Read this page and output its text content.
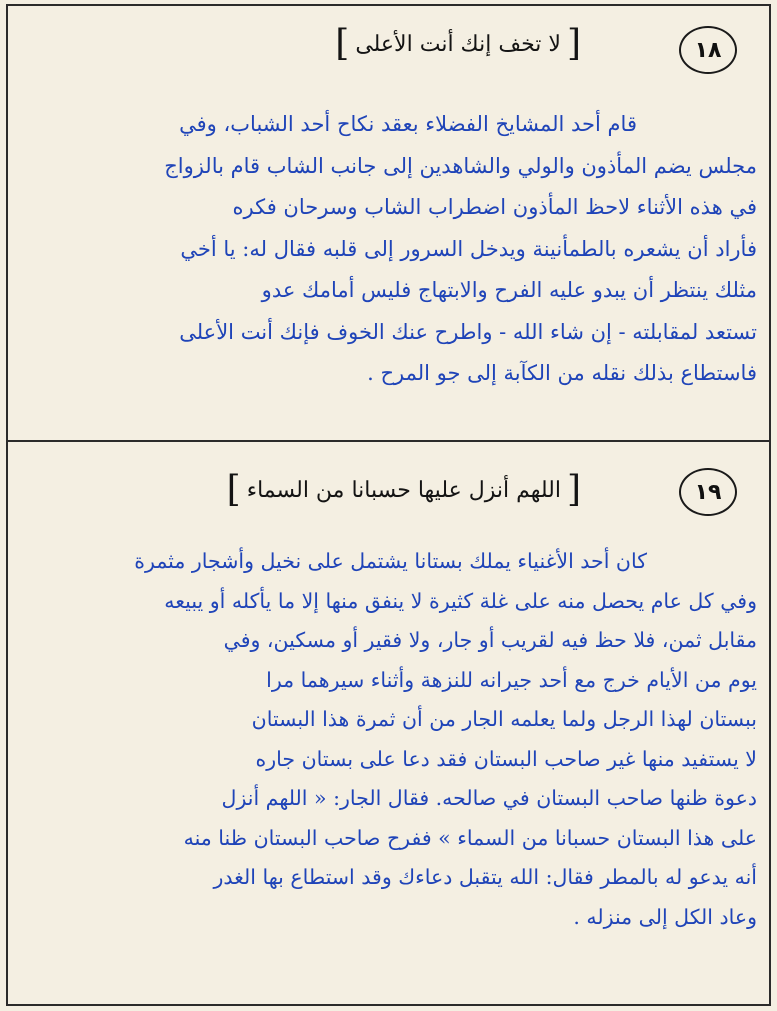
١٨
[ لا تخف إنك أنت الأعلى ]
قام أحد المشايخ الفضلاء بعقد نكاح أحد الشباب، وفي
مجلس يضم المأذون والولي والشاهدين إلى جانب الشاب قام بالزواج
في هذه الأثناء لاحظ المأذون اضطراب الشاب وسرحان فكره
فأراد أن يشعره بالطمأنينة ويدخل السرور إلى قلبه فقال له: يا أخي
مثلك ينتظر أن يبدو عليه الفرح والابتهاج فليس أمامك عدو
تستعد لمقابلته - إن شاء الله - واطرح عنك الخوف فإنك أنت الأعلى
فاستطاع بذلك نقله من الكآبة إلى جو المرح .
١٩
[ اللهم أنزل عليها حسبانا من السماء ]
كان أحد الأغنياء يملك بستانا يشتمل على نخيل وأشجار مثمرة
وفي كل عام يحصل منه على غلة كثيرة لا ينفق منها إلا ما يأكله أو يبيعه
مقابل ثمن، فلا حظ فيه لقريب أو جار، ولا فقير أو مسكين، وفي
يوم من الأيام خرج مع أحد جيرانه للنزهة وأثناء سيرهما مرا
ببستان لهذا الرجل ولما يعلمه الجار من أن ثمرة هذا البستان
لا يستفيد منها غير صاحب البستان فقد دعا على بستان جاره
دعوة ظنها صاحب البستان في صالحه. فقال الجار: « اللهم أنزل
على هذا البستان حسبانا من السماء » ففرح صاحب البستان ظنا منه
أنه يدعو له بالمطر فقال: الله يتقبل دعاءك وقد استطاع بها الغدر
وعاد الكل إلى منزله .
